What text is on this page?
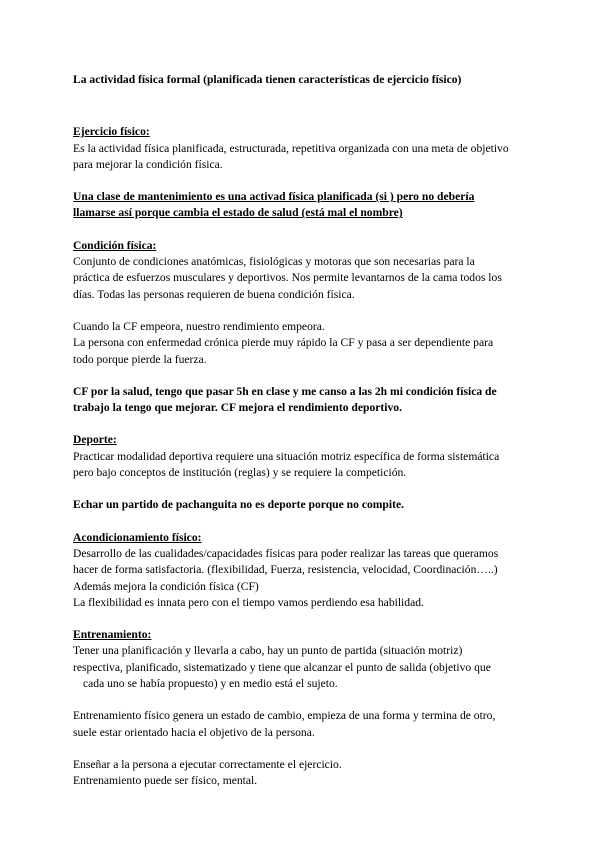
La actividad física formal (planificada tienen características de ejercicio físico)

Ejercicio físico:
Es la actividad física planificada, estructurada, repetitiva organizada con una meta de objetivo
para mejorar la condición física.
Una clase de mantenimiento es una activad física planificada (si ) pero no debería
llamarse así porque cambia el estado de salud (está mal el nombre)
Condición física:
Conjunto de condiciones anatómicas, fisiológicas y motoras que son necesarias para la
práctica de esfuerzos musculares y deportivos. Nos permite levantarnos de la cama todos los
días. Todas las personas requieren de buena condición física.
Cuando la CF empeora, nuestro rendimiento empeora.
La persona con enfermedad crónica pierde muy rápido la CF y pasa a ser dependiente para
todo porque pierde la fuerza.
CF por la salud, tengo que pasar 5h en clase y me canso a las 2h mi condición física de
trabajo la tengo que mejorar. CF mejora el rendimiento deportivo.
Deporte:
Practicar modalidad deportiva requiere una situación motriz específica de forma sistemática
pero bajo conceptos de institución (reglas) y se requiere la competición.
Echar un partido de pachanguita no es deporte porque no compite.
Acondicionamiento físico:
Desarrollo de las cualidades/capacidades físicas para poder realizar las tareas que queramos
hacer de forma satisfactoria. (flexibilidad, Fuerza, resistencia, velocidad, Coordinación…..)
Además mejora la condición física (CF)
La flexibilidad es innata pero con el tiempo vamos perdiendo esa habilidad.
Entrenamiento:
Tener una planificación y llevarla a cabo, hay un punto de partida (situación motriz)
respectiva, planificado, sistematizado y tiene que alcanzar el punto de salida (objetivo que
cada uno se había propuesto) y en medio está el sujeto.
Entrenamiento físico genera un estado de cambio, empieza de una forma y termina de otro,
suele estar orientado hacia el objetivo de la persona.
Enseñar a la persona a ejecutar correctamente el ejercicio.
Entrenamiento puede ser físico, mental.
